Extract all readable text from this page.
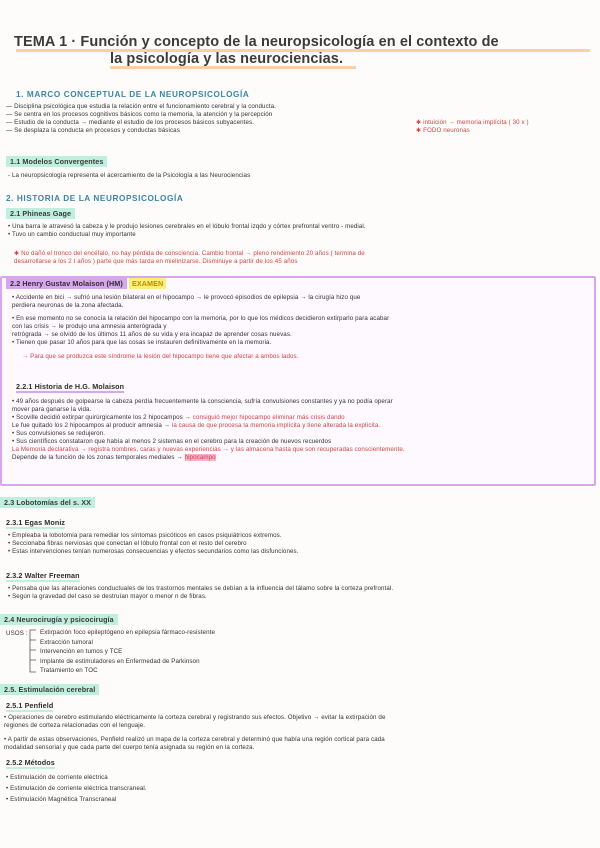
TEMA 1 · Función y concepto de la neuropsicología en el contexto de
la psicología y las neurociencias.
1. MARCO CONCEPTUAL DE LA NEUROPSICOLOGÍA
— Disciplina psicológica que estudia la relación entre el funcionamiento cerebral y la conducta.
— Se centra en los procesos cognitivos básicos como la memoria, la atención y la percepción
— Estudio de la conducta → mediante el estudio de los procesos básicos subyacentes.
— Se desplaza la conducta en procesos y conductas básicas
✱ intuición → memoria implícita ( 30 x )
✱ FODO neuronas
1.1 Modelos Convergentes
- La neuropsicología representa el acercamiento de la Psicología a las Neurociencias
2. HISTORIA DE LA NEUROPSICOLOGÍA
2.1 Phineas Gage
• Una barra le atravesó la cabeza y le produjo lesiones cerebrales en el lóbulo frontal izqdo y córtex prefrontal ventro - medial.
• Tuvo un cambio conductual muy importante
✱ No dañó el tronco del encéfalo, no hay pérdida de consciencia. Cambio frontal → pleno rendimiento 20 años ( termina de
desarrollarse a los 2 I años ) parte que más tarda en mielinizarse. Disminuye a partir de los 45 años
2.2 Henry Gustav Molaison (HM) EXAMEN
• Accidente en bici → sufrió una lesión bilateral en el hipocampo → le provocó episodios de epilepsia → la cirugía hizo que
perdiera neuronas de la zona afectada.
• En ese momento no se conocía la relación del hipocampo con la memoria, por lo que los médicos decidieron extirparlo para acabar
con las crisis → le produjo una amnesia anterógrada y
retrógrada → se olvidó de los últimos 11 años de su vida y era incapaz de aprender cosas nuevas.
• Tienen que pasar 10 años para que las cosas se instauren definitivamente en la memoria.
→ Para que se produzca este síndrome la lesión del hipocampo tiene que afectar a ambos lados.
2.2.1 Historia de H.G. Molaison
• 49 años después de golpearse la cabeza perdía frecuentemente la consciencia, sufría convulsiones constantes y ya no podía operar
mover para ganarse la vida.
• Scoville decidió extirpar quirúrgicamente los 2 hipocampos → consiguió mejor hipocampo eliminar más crisis dando
Le fue quitado los 2 hipocampos al producir amnesia → la causa de que procesa la memoria implícita y tiene alterada la explícita.
• Sus convulsiones se redujeron.
• Sus científicos constataron que había al menos 2 sistemas en el cerebro para la creación de nuevos recuerdos
La Memoria declarativa → registra nombres, caras y nuevas experiencias → y las almacena hasta que son recuperadas conscientemente.
Depende de la función de los zonas temporales mediales → hipocampo
2.3 Lobotomías del s. XX
2.3.1 Egas Moniz
• Empleaba la lobotomía para remediar los síntomas psicóticos en casos psiquiátricos extremos.
• Seccionaba fibras nerviosas que conectan el lóbulo frontal con el resto del cerebro
• Estas intervenciones tenían numerosas consecuencias y efectos secundarios como las disfunciones.
2.3.2 Walter Freeman
• Pensaba que las alteraciones conductuales de los trastornos mentales se debían a la influencia del tálamo sobre la corteza prefrontal.
• Según la gravedad del caso se destruían mayor o menor n de fibras.
2.4 Neurocirugía y psicocirugía
USOS : Extirpación foco epileptógeno en epilepsia fármaco-resistente
Extracción tumoral
Intervención en tumos y TCE
Implante de estimuladores en Enfermedad de Parkinson
Tratamiento en TOC
2.5. Estimulación cerebral
2.5.1 Penfield
• Operaciones de cerebro estimulando eléctricamente la corteza cerebral y registrando sus efectos. Objetivo → evitar la extirpación de
regiones de corteza relacionadas con el lenguaje.
• A partir de estas observaciones, Penfield realizó un mapa de la corteza cerebral y determinó que había una región cortical para cada
modalidad sensorial y que cada parte del cuerpo tenía asignada su región en la corteza.
2.5.2 Métodos
• Estimulación de corriente eléctrica
• Estimulación de corriente eléctrica transcraneal.
• Estimulación Magnética Transcraneal
